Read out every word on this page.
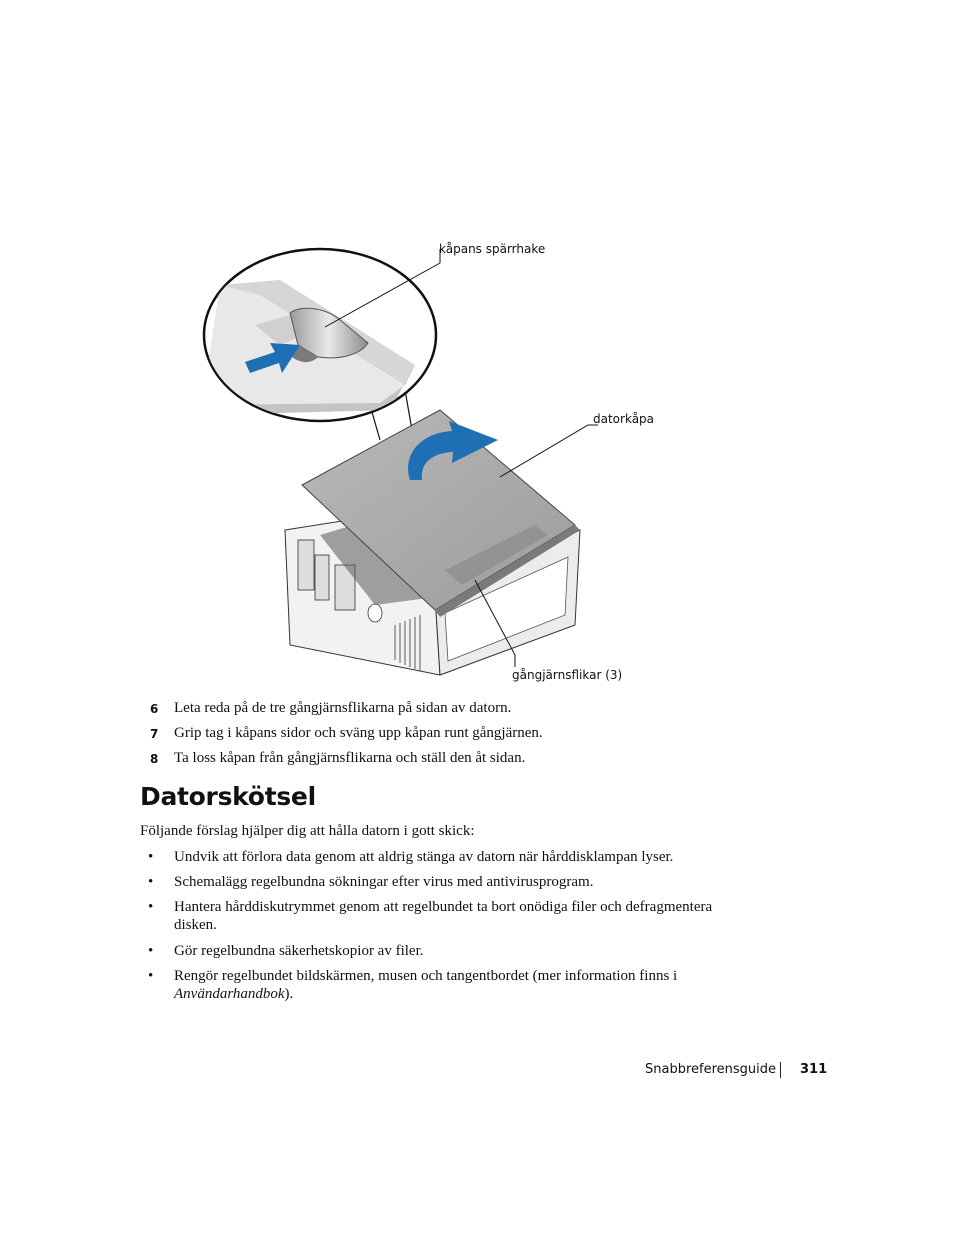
kåpans spärrhake
datorkåpa
gångjärnsflikar (3)
6 Leta reda på de tre gångjärnsflikarna på sidan av datorn.
7 Grip tag i kåpans sidor och sväng upp kåpan runt gångjärnen.
8 Ta loss kåpan från gångjärnsflikarna och ställ den åt sidan.
Datorskötsel
Följande förslag hjälper dig att hålla datorn i gott skick:
• Undvik att förlora data genom att aldrig stänga av datorn när hårddisklampan lyser.
• Schemalägg regelbundna sökningar efter virus med antivirusprogram.
• Hantera hårddiskutrymmet genom att regelbundet ta bort onödiga filer och defragmentera disken.
• Gör regelbundna säkerhetskopior av filer.
• Rengör regelbundet bildskärmen, musen och tangentbordet (mer information finns i Användarhandbok).
Snabbreferensguide 311
